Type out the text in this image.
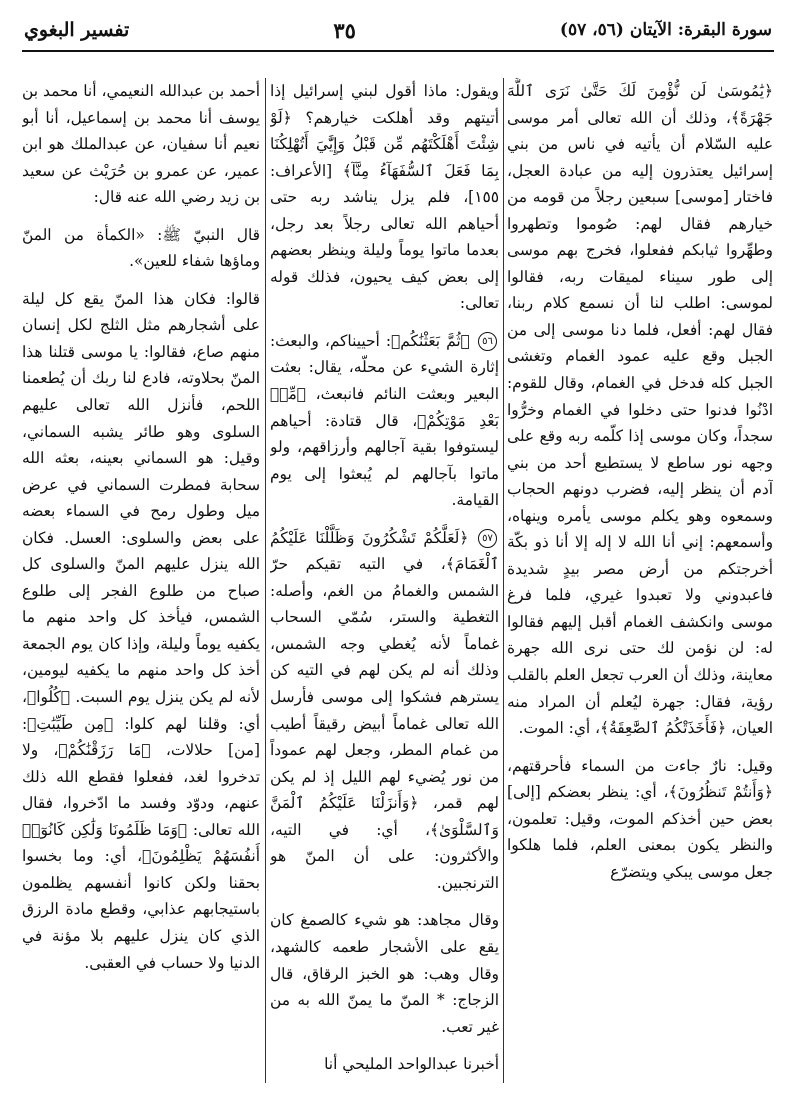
تفسير البغوي	٣٥	سورة البقرة: الآيتان (٥٦، ٥٧)

﴿يَٰمُوسَىٰ لَن نُّؤْمِنَ لَكَ حَتَّىٰ نَرَى ٱللَّهَ جَهْرَةً﴾، وذلك أن الله تعالى أمر موسى عليه السّلام أن يأتيه في ناس من بني إسرائيل يعتذرون إليه من عبادة العجل، فاختار [موسى] سبعين رجلاً من قومه من خيارهم فقال لهم: صُوموا وتطهروا وطهِّروا ثيابكم ففعلوا، فخرج بهم موسى إلى طور سيناء لميقات ربه، فقالوا لموسى: اطلب لنا أن نسمع كلام ربنا، فقال لهم: أفعل، فلما دنا موسى إلى من الجبل وقع عليه عمود الغمام وتغشى الجبل كله فدخل في الغمام، وقال للقوم: ادْنُوا فدنوا حتى دخلوا في الغمام وخرُّوا سجداً، وكان موسى إذا كلّمه ربه وقع على وجهه نور ساطع لا يستطيع أحد من بني آدم أن ينظر إليه، فضرب دونهم الحجاب وسمعوه وهو يكلم موسى يأمره وينهاه، وأسمعهم: إني أنا الله لا إله إلا أنا ذو بكّة أخرجتكم من أرض مصر بيدٍ شديدة فاعبدوني ولا تعبدوا غيري، فلما فرغ موسى وانكشف الغمام أقبل إليهم فقالوا له: لن نؤمن لك حتى نرى الله جهرة معاينة، وذلك أن العرب تجعل العلم بالقلب رؤية، فقال: جهرة ليُعلم أن المراد منه العيان، ﴿فَأَخَذَتْكُمُ ٱلصَّٰعِقَةُ﴾، أي: الموت.

وقيل: نارٌ جاءت من السماء فأحرقتهم، ﴿وَأَنتُمْ تَنظُرُونَ﴾، أي: ينظر بعضكم [إلى] بعض حين أخذكم الموت، وقيل: تعلمون، والنظر يكون بمعنى العلم، فلما هلكوا جعل موسى يبكي ويتضرّع

ويقول: ماذا أقول لبني إسرائيل إذا أتيتهم وقد أهلكت خيارهم؟ ﴿لَوْ شِئْتَ أَهْلَكْتَهُم مِّن قَبْلُ وَإِيَّٰيَ أَتُهْلِكُنَا بِمَا فَعَلَ ٱلسُّفَهَآءُ مِنَّآ﴾ [الأعراف: ١٥٥]، فلم يزل يناشد ربه حتى أحياهم الله تعالى رجلاً بعد رجل، بعدما ماتوا يوماً وليلة وينظر بعضهم إلى بعض كيف يحيون، فذلك قوله تعالى:

٥٦ ﴿ثُمَّ بَعَثْنَٰكُم﴾: أحييناكم، والبعث: إثارة الشيء عن محلّه، يقال: بعثت البعير وبعثت النائم فانبعث، ﴿مِّنۢ بَعْدِ مَوْتِكُمْ﴾، قال قتادة: أحياهم ليستوفوا بقية آجالهم وأرزاقهم، ولو ماتوا بآجالهم لم يُبعثوا إلى يوم القيامة.

٥٧ ﴿لَعَلَّكُمْ تَشْكُرُونَ وَظَلَّلْنَا عَلَيْكُمُ ٱلْغَمَامَ﴾، في التيه تقيكم حرّ الشمس والغمامُ من الغم، وأصله: التغطية والستر، سُمّي السحاب غماماً لأنه يُغطي وجه الشمس، وذلك أنه لم يكن لهم في التيه كن يسترهم فشكوا إلى موسى فأرسل الله تعالى غماماً أبيض رقيقاً أطيب من غمام المطر، وجعل لهم عموداً من نور يُضيء لهم الليل إذ لم يكن لهم قمر، ﴿وَأَنزَلْنَا عَلَيْكُمُ ٱلْمَنَّ وَٱلسَّلْوَىٰ﴾، أي: في التيه، والأكثرون: على أن المنّ هو الترنجبين.

وقال مجاهد: هو شيء كالصمغ كان يقع على الأشجار طعمه كالشهد، وقال وهب: هو الخبز الرقاق، قال الزجاج: * المنّ ما يمنّ الله به من غير تعب.

أخبرنا عبدالواحد المليحي أنا

أحمد بن عبدالله النعيمي، أنا محمد بن يوسف أنا محمد بن إسماعيل، أنا أبو نعيم أنا سفيان، عن عبدالملك هو ابن عمير، عن عمرو بن حُرَيْث عن سعيد بن زيد رضي الله عنه قال:

قال النبيّ ﷺ: «الكمأة من المنّ وماؤها شفاء للعين».

قالوا: فكان هذا المنّ يقع كل ليلة على أشجارهم مثل الثلج لكل إنسان منهم صاع، فقالوا: يا موسى قتلنا هذا المنّ بحلاوته، فادع لنا ربك أن يُطعمنا اللحم، فأنزل الله تعالى عليهم السلوى وهو طائر يشبه السماني، وقيل: هو السماني بعينه، بعثه الله سحابة فمطرت السماني في عرض ميل وطول رمح في السماء بعضه على بعض والسلوى: العسل. فكان الله ينزل عليهم المنّ والسلوى كل صباح من طلوع الفجر إلى طلوع الشمس، فيأخذ كل واحد منهم ما يكفيه يوماً وليلة، وإذا كان يوم الجمعة أخذ كل واحد منهم ما يكفيه ليومين، لأنه لم يكن ينزل يوم السبت. ﴿كُلُوا﴾، أي: وقلنا لهم كلوا: ﴿مِن طَيِّبَٰتِ﴾: [من] حلالات، ﴿مَا رَزَقْنَٰكُمْ﴾، ولا تدخروا لغد، ففعلوا فقطع الله ذلك عنهم، ودوّد وفسد ما ادّخروا، فقال الله تعالى: ﴿وَمَا ظَلَمُونَا وَلَٰكِن كَانُوٓا۟ أَنفُسَهُمْ يَظْلِمُونَ﴾، أي: وما بخسوا بحقنا ولكن كانوا أنفسهم يظلمون باستيجابهم عذابي، وقطع مادة الرزق الذي كان ينزل عليهم بلا مؤنة في الدنيا ولا حساب في العقبى.
